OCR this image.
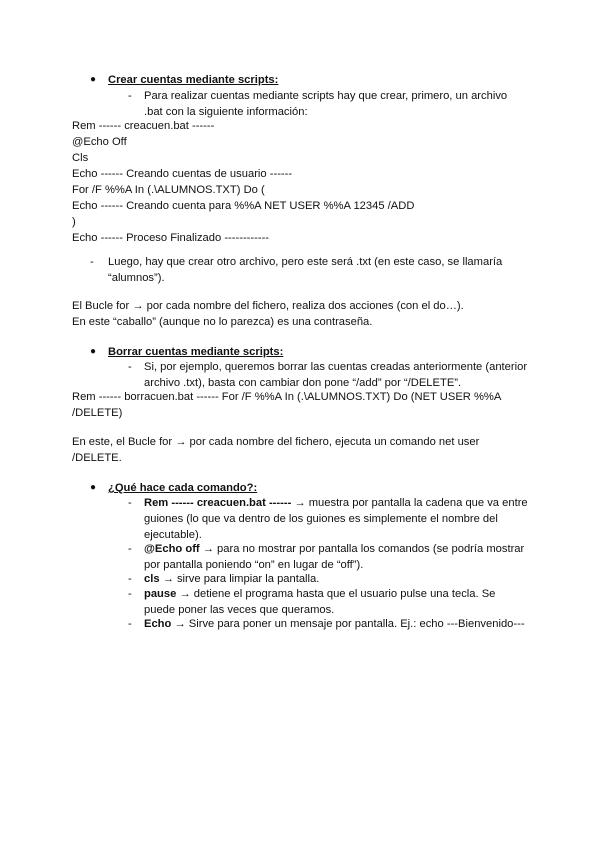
●	Crear cuentas mediante scripts:
-	Para realizar cuentas mediante scripts hay que crear, primero, un archivo .bat con la siguiente información:
Rem ------ creacuen.bat ------
@Echo Off
Cls
Echo ------ Creando cuentas de usuario ------
For /F %%A In (.\ALUMNOS.TXT) Do (
Echo ------ Creando cuenta para %%A NET USER %%A 12345 /ADD
)
Echo ------ Proceso Finalizado ------------
-	Luego, hay que crear otro archivo, pero este será .txt (en este caso, se llamaría “alumnos”).
El Bucle for → por cada nombre del fichero, realiza dos acciones (con el do…).
En este “caballo” (aunque no lo parezca) es una contraseña.
●	Borrar cuentas mediante scripts:
-	Si, por ejemplo, queremos borrar las cuentas creadas anteriormente (anterior archivo .txt), basta con cambiar don pone “/add” por “/DELETE”.
Rem ------ borracuen.bat ------ For /F %%A In (.\ALUMNOS.TXT) Do (NET USER %%A /DELETE)
En este, el Bucle for → por cada nombre del fichero, ejecuta un comando net user /DELETE.
●	¿Qué hace cada comando?:
-	Rem ------ creacuen.bat ------ → muestra por pantalla la cadena que va entre guiones (lo que va dentro de los guiones es simplemente el nombre del ejecutable).
-	@Echo off → para no mostrar por pantalla los comandos (se podría mostrar por pantalla poniendo “on” en lugar de “off”).
-	cls → sirve para limpiar la pantalla.
-	pause → detiene el programa hasta que el usuario pulse una tecla. Se puede poner las veces que queramos.
-	Echo → Sirve para poner un mensaje por pantalla. Ej.: echo ---Bienvenido---
